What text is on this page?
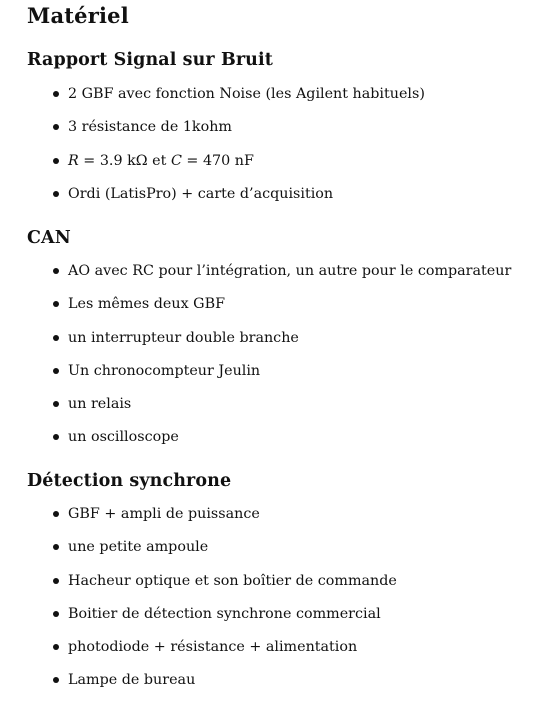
Matériel
Rapport Signal sur Bruit
2 GBF avec fonction Noise (les Agilent habituels)
3 résistance de 1kohm
R = 3.9 kΩ et C = 470 nF
Ordi (LatisPro) + carte d’acquisition
CAN
AO avec RC pour l’intégration, un autre pour le comparateur
Les mêmes deux GBF
un interrupteur double branche
Un chronocompteur Jeulin
un relais
un oscilloscope
Détection synchrone
GBF + ampli de puissance
une petite ampoule
Hacheur optique et son boîtier de commande
Boitier de détection synchrone commercial
photodiode + résistance + alimentation
Lampe de bureau
